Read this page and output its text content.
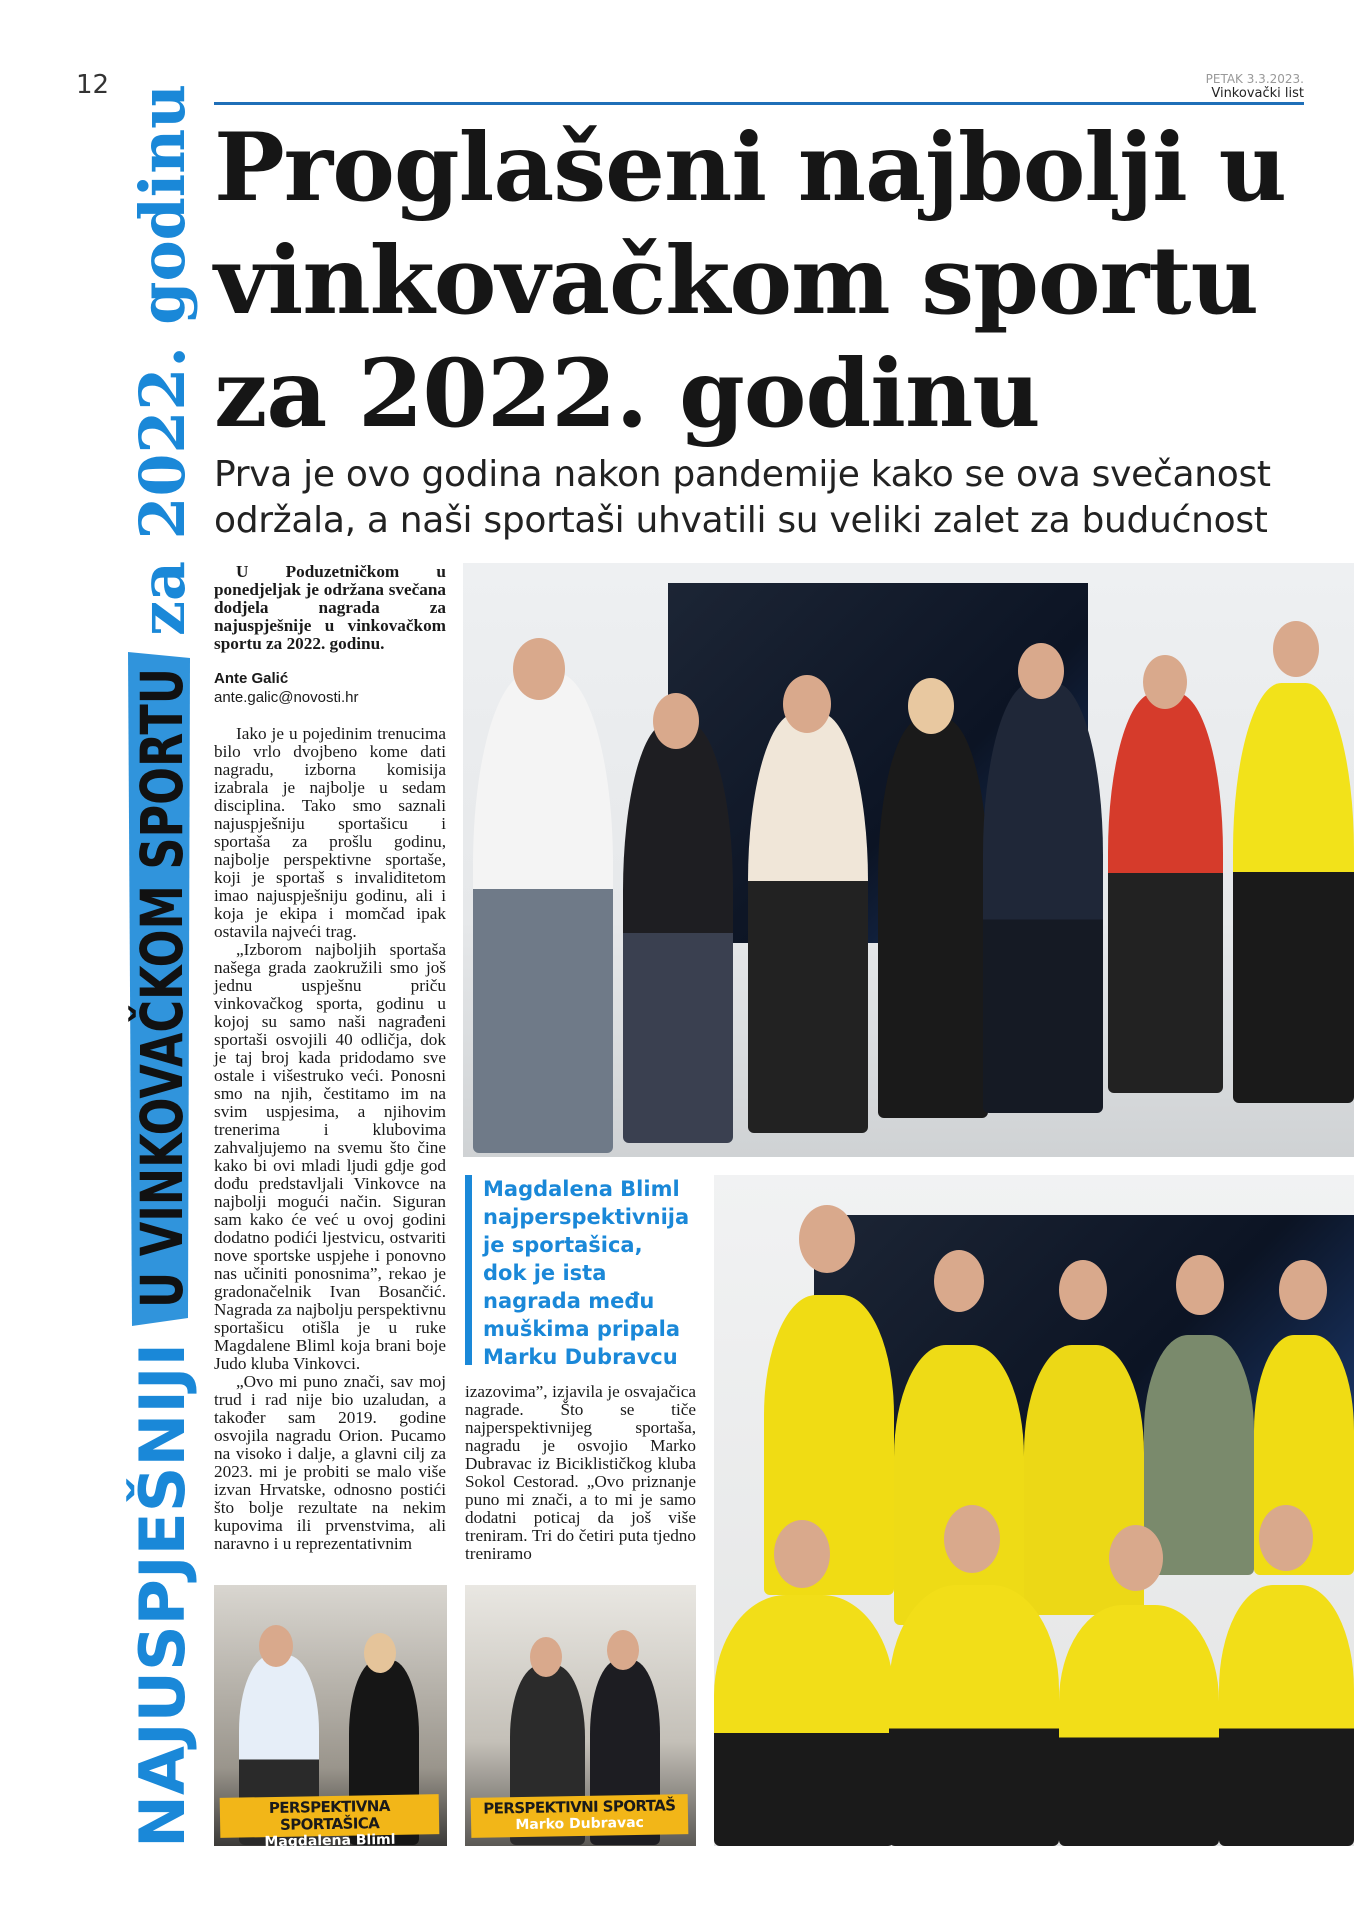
12	PETAK 3.3.2023.
Vinkovački list
NAJUSPJEŠNIJI
U VINKOVAČKOM SPORTU
za 2022. godinu Proglašeni najbolji u vinkovačkom sportu za 2022. godinu
Prva je ovo godina nakon pandemije kako se ova svečanost održala, a naši sportaši uhvatili su veliki zalet za budućnost

U Poduzetničkom u ponedjeljak je održana svečana dodjela nagrada za najuspješnije u vinkovačkom sportu za 2022. godinu.

Ante Galić
ante.galic@novosti.hr

Iako je u pojedinim trenucima bilo vrlo dvojbeno kome dati nagradu, izborna komisija izabrala je najbolje u sedam disciplina. Tako smo saznali najuspješniju sportašicu i sportaša za prošlu godinu, najbolje perspektivne sportaše, koji je sportaš s invaliditetom imao najuspješniju godinu, ali i koja je ekipa i momčad ipak ostavila najveći trag.

„Izborom najboljih sportaša našega grada zaokružili smo još jednu uspješnu priču vinkovačkog sporta, godinu u kojoj su samo naši nagrađeni sportaši osvojili 40 odličja, dok je taj broj kada pridodamo sve ostale i višestruko veći. Ponosni smo na njih, čestitamo im na svim uspjesima, a njihovim trenerima i klubovima zahvaljujemo na svemu što čine kako bi ovi mladi ljudi gdje god dođu predstavljali Vinkovce na najbolji mogući način. Siguran sam kako će već u ovoj godini dodatno podići ljestvicu, ostvariti nove sportske uspjehe i ponovno nas učiniti ponosnima”, rekao je gradonačelnik Ivan Bosančić. Nagrada za najbolju perspektivnu sportašicu otišla je u ruke Magdalene Bliml koja brani boje Judo kluba Vinkovci.

„Ovo mi puno znači, sav moj trud i rad nije bio uzaludan, a također sam 2019. godine osvojila nagradu Orion. Pucamo na visoko i dalje, a glavni cilj za 2023. mi je probiti se malo više izvan Hrvatske, odnosno postići što bolje rezultate na nekim kupovima ili prvenstvima, ali naravno i u reprezentativnim

Magdalena Bliml najperspektivnija je sportašica, dok je ista nagrada među muškima pripala Marku Dubravcu

izazovima”, izjavila je osvajačica nagrade. Što se tiče najperspektivnijeg sportaša, nagradu je osvojio Marko Dubravac iz Biciklističkog kluba Sokol Cestorad. „Ovo priznanje puno mi znači, a to mi je samo dodatni poticaj da još više treniram. Tri do četiri puta tjedno treniramo

PERSPEKTIVNA SPORTAŠICA
Magdalena Bliml
PERSPEKTIVNI SPORTAŠ
Marko Dubravac
